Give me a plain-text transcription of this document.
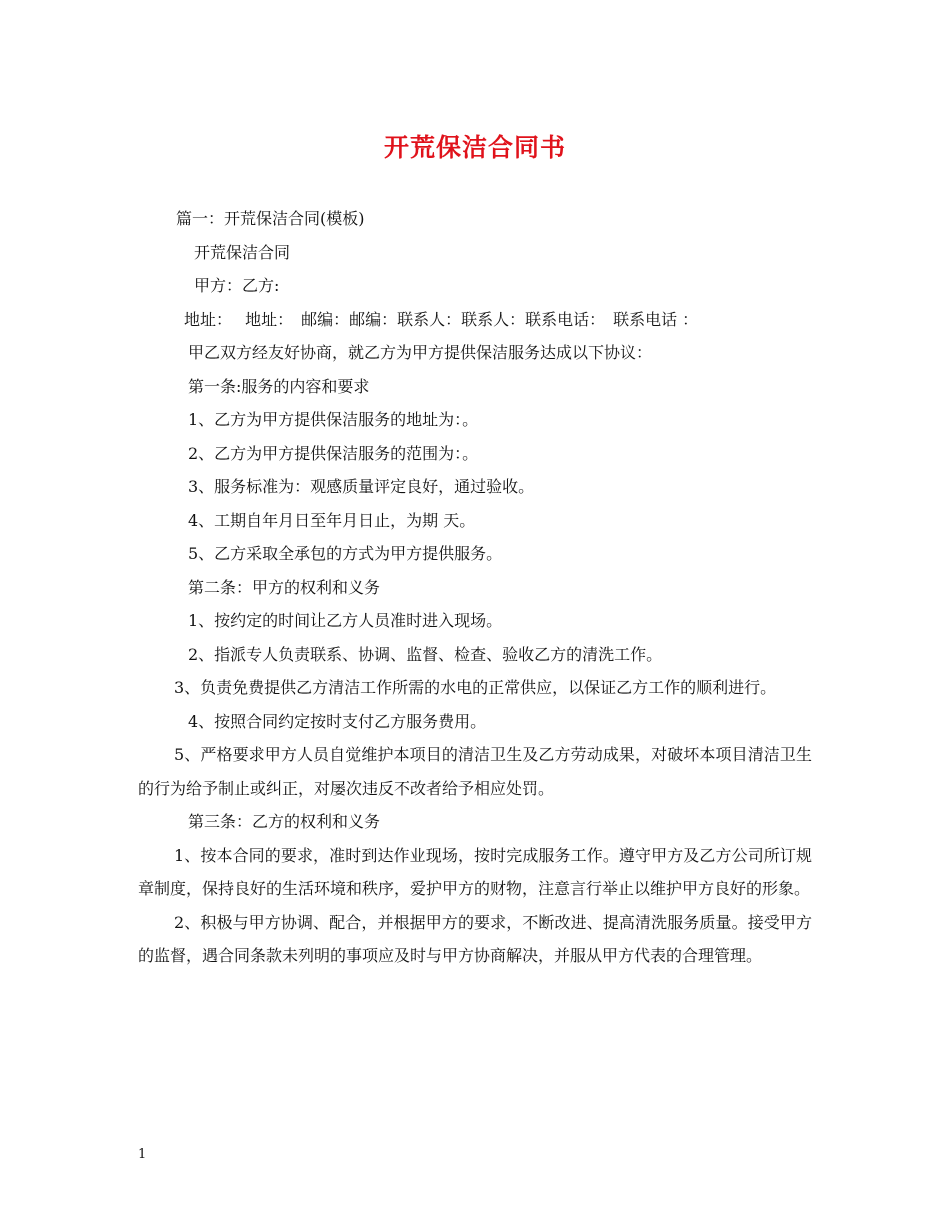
开荒保洁合同书

篇一：开荒保洁合同(模板)

开荒保洁合同

甲方：乙方:

地址：　 地址：　邮编：邮编：联系人：联系人：联系电话：　联系电话 ：

甲乙双方经友好协商，就乙方为甲方提供保洁服务达成以下协议：

第一条:服务的内容和要求

1、乙方为甲方提供保洁服务的地址为：。

2、乙方为甲方提供保洁服务的范围为：。

3、服务标准为：观感质量评定良好，通过验收。

4、工期自年月日至年月日止，为期 天。

5、乙方采取全承包的方式为甲方提供服务。

第二条：甲方的权利和义务

1、按约定的时间让乙方人员准时进入现场。

2、指派专人负责联系、协调、监督、检查、验收乙方的清洗工作。

3、负责免费提供乙方清洁工作所需的水电的正常供应，以保证乙方工作的顺利进行。

4、按照合同约定按时支付乙方服务费用。

5、严格要求甲方人员自觉维护本项目的清洁卫生及乙方劳动成果，对破坏本项目清洁卫生的行为给予制止或纠正，对屡次违反不改者给予相应处罚。

第三条：乙方的权利和义务

1、按本合同的要求，准时到达作业现场，按时完成服务工作。遵守甲方及乙方公司所订规章制度，保持良好的生活环境和秩序，爱护甲方的财物，注意言行举止以维护甲方良好的形象。

2、积极与甲方协调、配合，并根据甲方的要求，不断改进、提高清洗服务质量。接受甲方的监督，遇合同条款未列明的事项应及时与甲方协商解决，并服从甲方代表的合理管理。

1
